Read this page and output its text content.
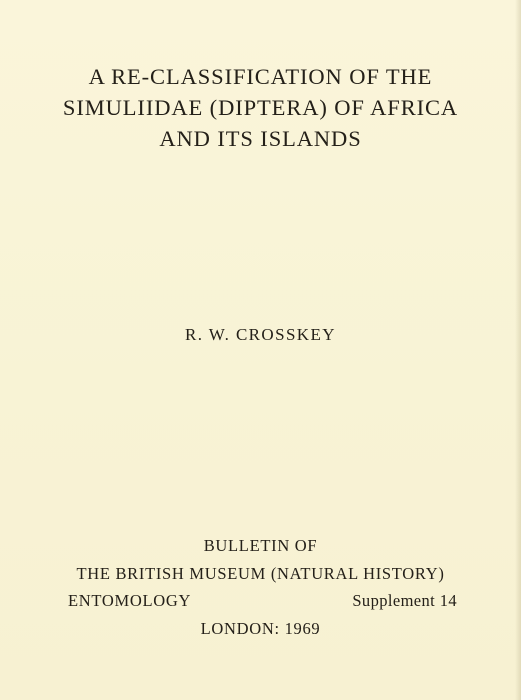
A RE-CLASSIFICATION OF THE
SIMULIIDAE (DIPTERA) OF AFRICA
AND ITS ISLANDS
R. W. CROSSKEY
BULLETIN OF
THE BRITISH MUSEUM (NATURAL HISTORY)
ENTOMOLOGY	Supplement 14
LONDON: 1969
